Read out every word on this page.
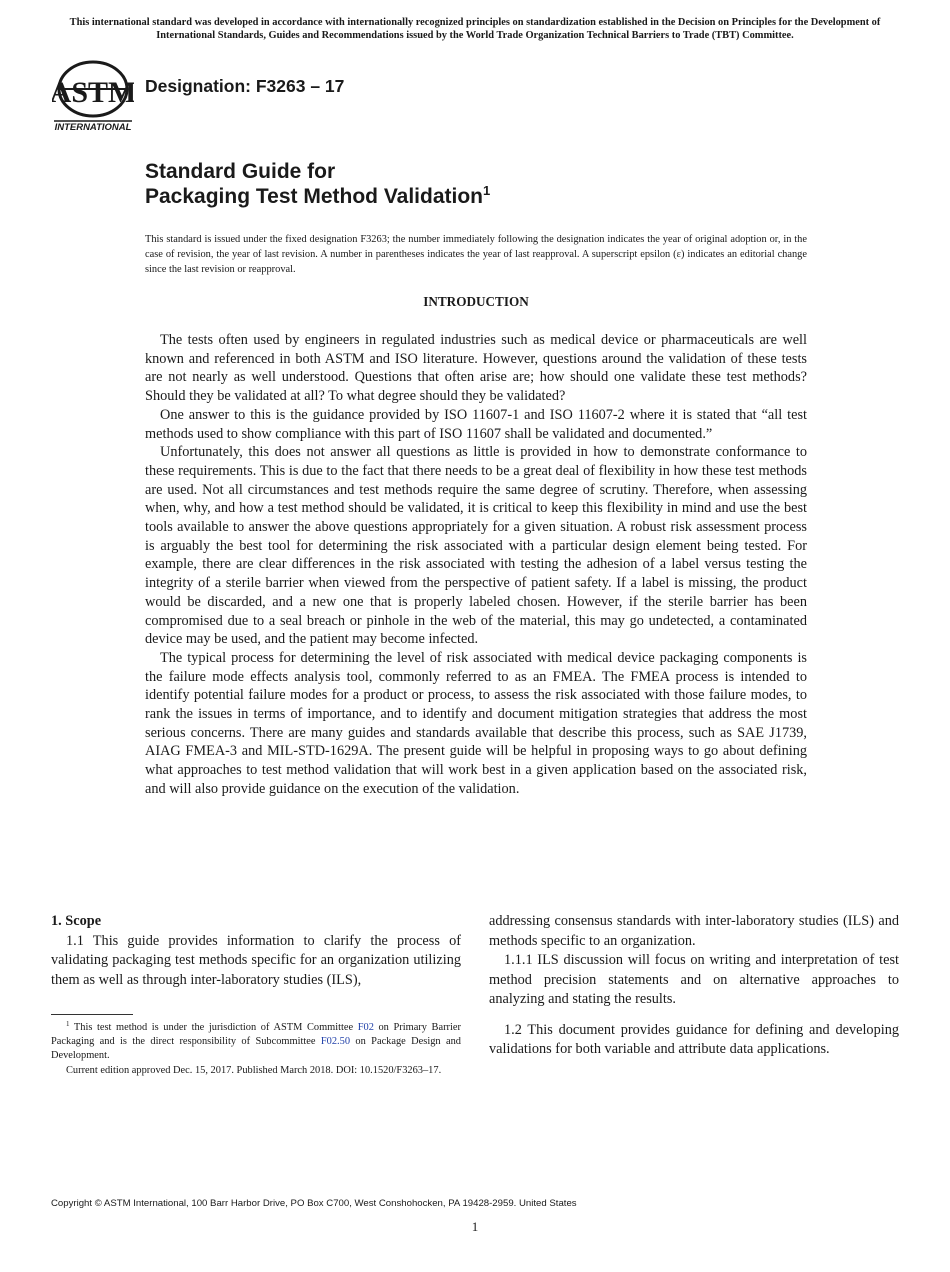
This international standard was developed in accordance with internationally recognized principles on standardization established in the Decision on Principles for the Development of International Standards, Guides and Recommendations issued by the World Trade Organization Technical Barriers to Trade (TBT) Committee.
ASTM
INTERNATIONAL
Designation: F3263 – 17
Standard Guide for
Packaging Test Method Validation$^1$
This standard is issued under the fixed designation F3263; the number immediately following the designation indicates the year of original adoption or, in the case of revision, the year of last revision. A number in parentheses indicates the year of last reapproval. A superscript epsilon (ε) indicates an editorial change since the last revision or reapproval.
INTRODUCTION

The tests often used by engineers in regulated industries such as medical device or pharmaceuticals are well known and referenced in both ASTM and ISO literature. However, questions around the validation of these tests are not nearly as well understood. Questions that often arise are; how should one validate these test methods? Should they be validated at all? To what degree should they be validated?

One answer to this is the guidance provided by ISO 11607-1 and ISO 11607-2 where it is stated that “all test methods used to show compliance with this part of ISO 11607 shall be validated and documented.”

Unfortunately, this does not answer all questions as little is provided in how to demonstrate conformance to these requirements. This is due to the fact that there needs to be a great deal of flexibility in how these test methods are used. Not all circumstances and test methods require the same degree of scrutiny. Therefore, when assessing when, why, and how a test method should be validated, it is critical to keep this flexibility in mind and use the best tools available to answer the above questions appropriately for a given situation. A robust risk assessment process is arguably the best tool for determining the risk associated with a particular design element being tested. For example, there are clear differences in the risk associated with testing the adhesion of a label versus testing the integrity of a sterile barrier when viewed from the perspective of patient safety. If a label is missing, the product would be discarded, and a new one that is properly labeled chosen. However, if the sterile barrier has been compromised due to a seal breach or pinhole in the web of the material, this may go undetected, a contaminated device may be used, and the patient may become infected.

The typical process for determining the level of risk associated with medical device packaging components is the failure mode effects analysis tool, commonly referred to as an FMEA. The FMEA process is intended to identify potential failure modes for a product or process, to assess the risk associated with those failure modes, to rank the issues in terms of importance, and to identify and document mitigation strategies that address the most serious concerns. There are many guides and standards available that describe this process, such as SAE J1739, AIAG FMEA-3 and MIL-STD-1629A. The present guide will be helpful in proposing ways to go about defining what approaches to test method validation that will work best in a given application based on the associated risk, and will also provide guidance on the execution of the validation.

1. Scope

1.1 This guide provides information to clarify the process of validating packaging test methods specific for an organization utilizing them as well as through inter-laboratory studies (ILS),

addressing consensus standards with inter-laboratory studies (ILS) and methods specific to an organization.

1.1.1 ILS discussion will focus on writing and interpretation of test method precision statements and on alternative approaches to analyzing and stating the results.

1.2 This document provides guidance for defining and developing validations for both variable and attribute data applications.

$^1$ This test method is under the jurisdiction of ASTM Committee F02 on Primary Barrier Packaging and is the direct responsibility of Subcommittee F02.50 on Package Design and Development.

Current edition approved Dec. 15, 2017. Published March 2018. DOI: 10.1520/F3263–17.

Copyright © ASTM International, 100 Barr Harbor Drive, PO Box C700, West Conshohocken, PA 19428-2959. United States
1
